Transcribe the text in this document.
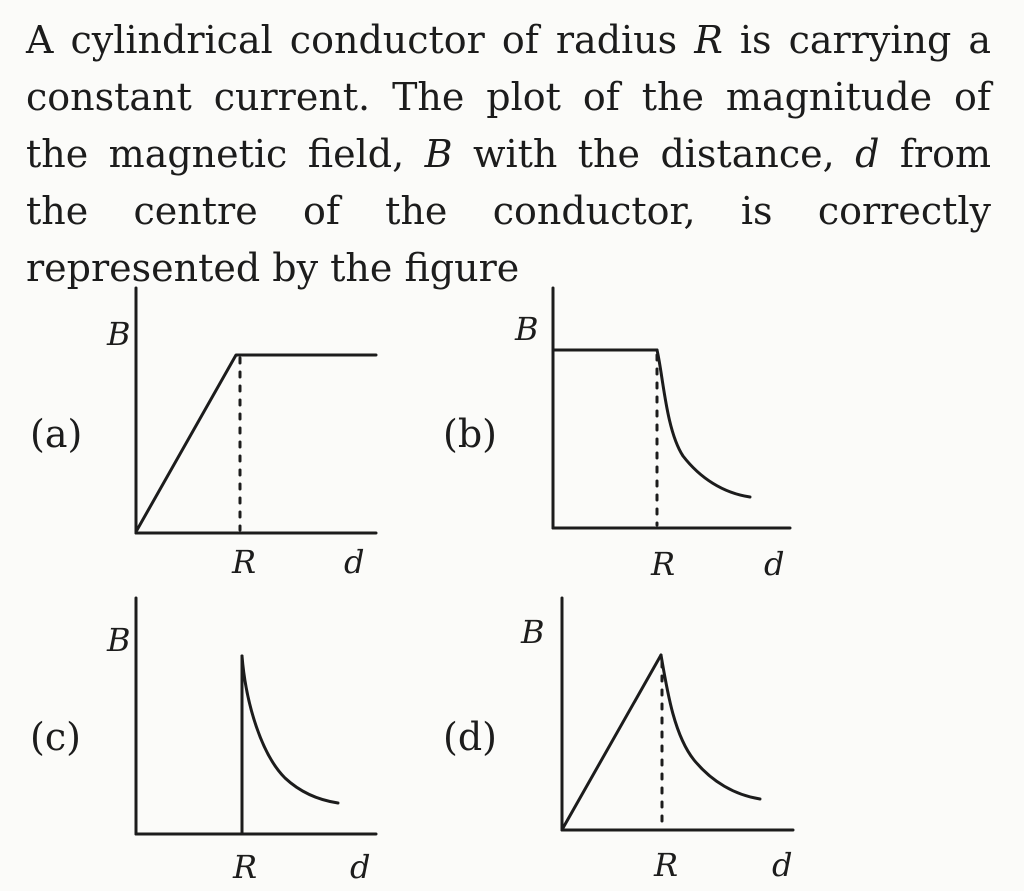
A cylindrical conductor of radius R is carrying a constant current. The plot of the magnitude of the magnetic field, B with the distance, d from the centre of the conductor, is correctly represented by the figure
(a)
B
R	d
(b)
B
R	d
(c)
B
R	d
(d)
B
R	d
